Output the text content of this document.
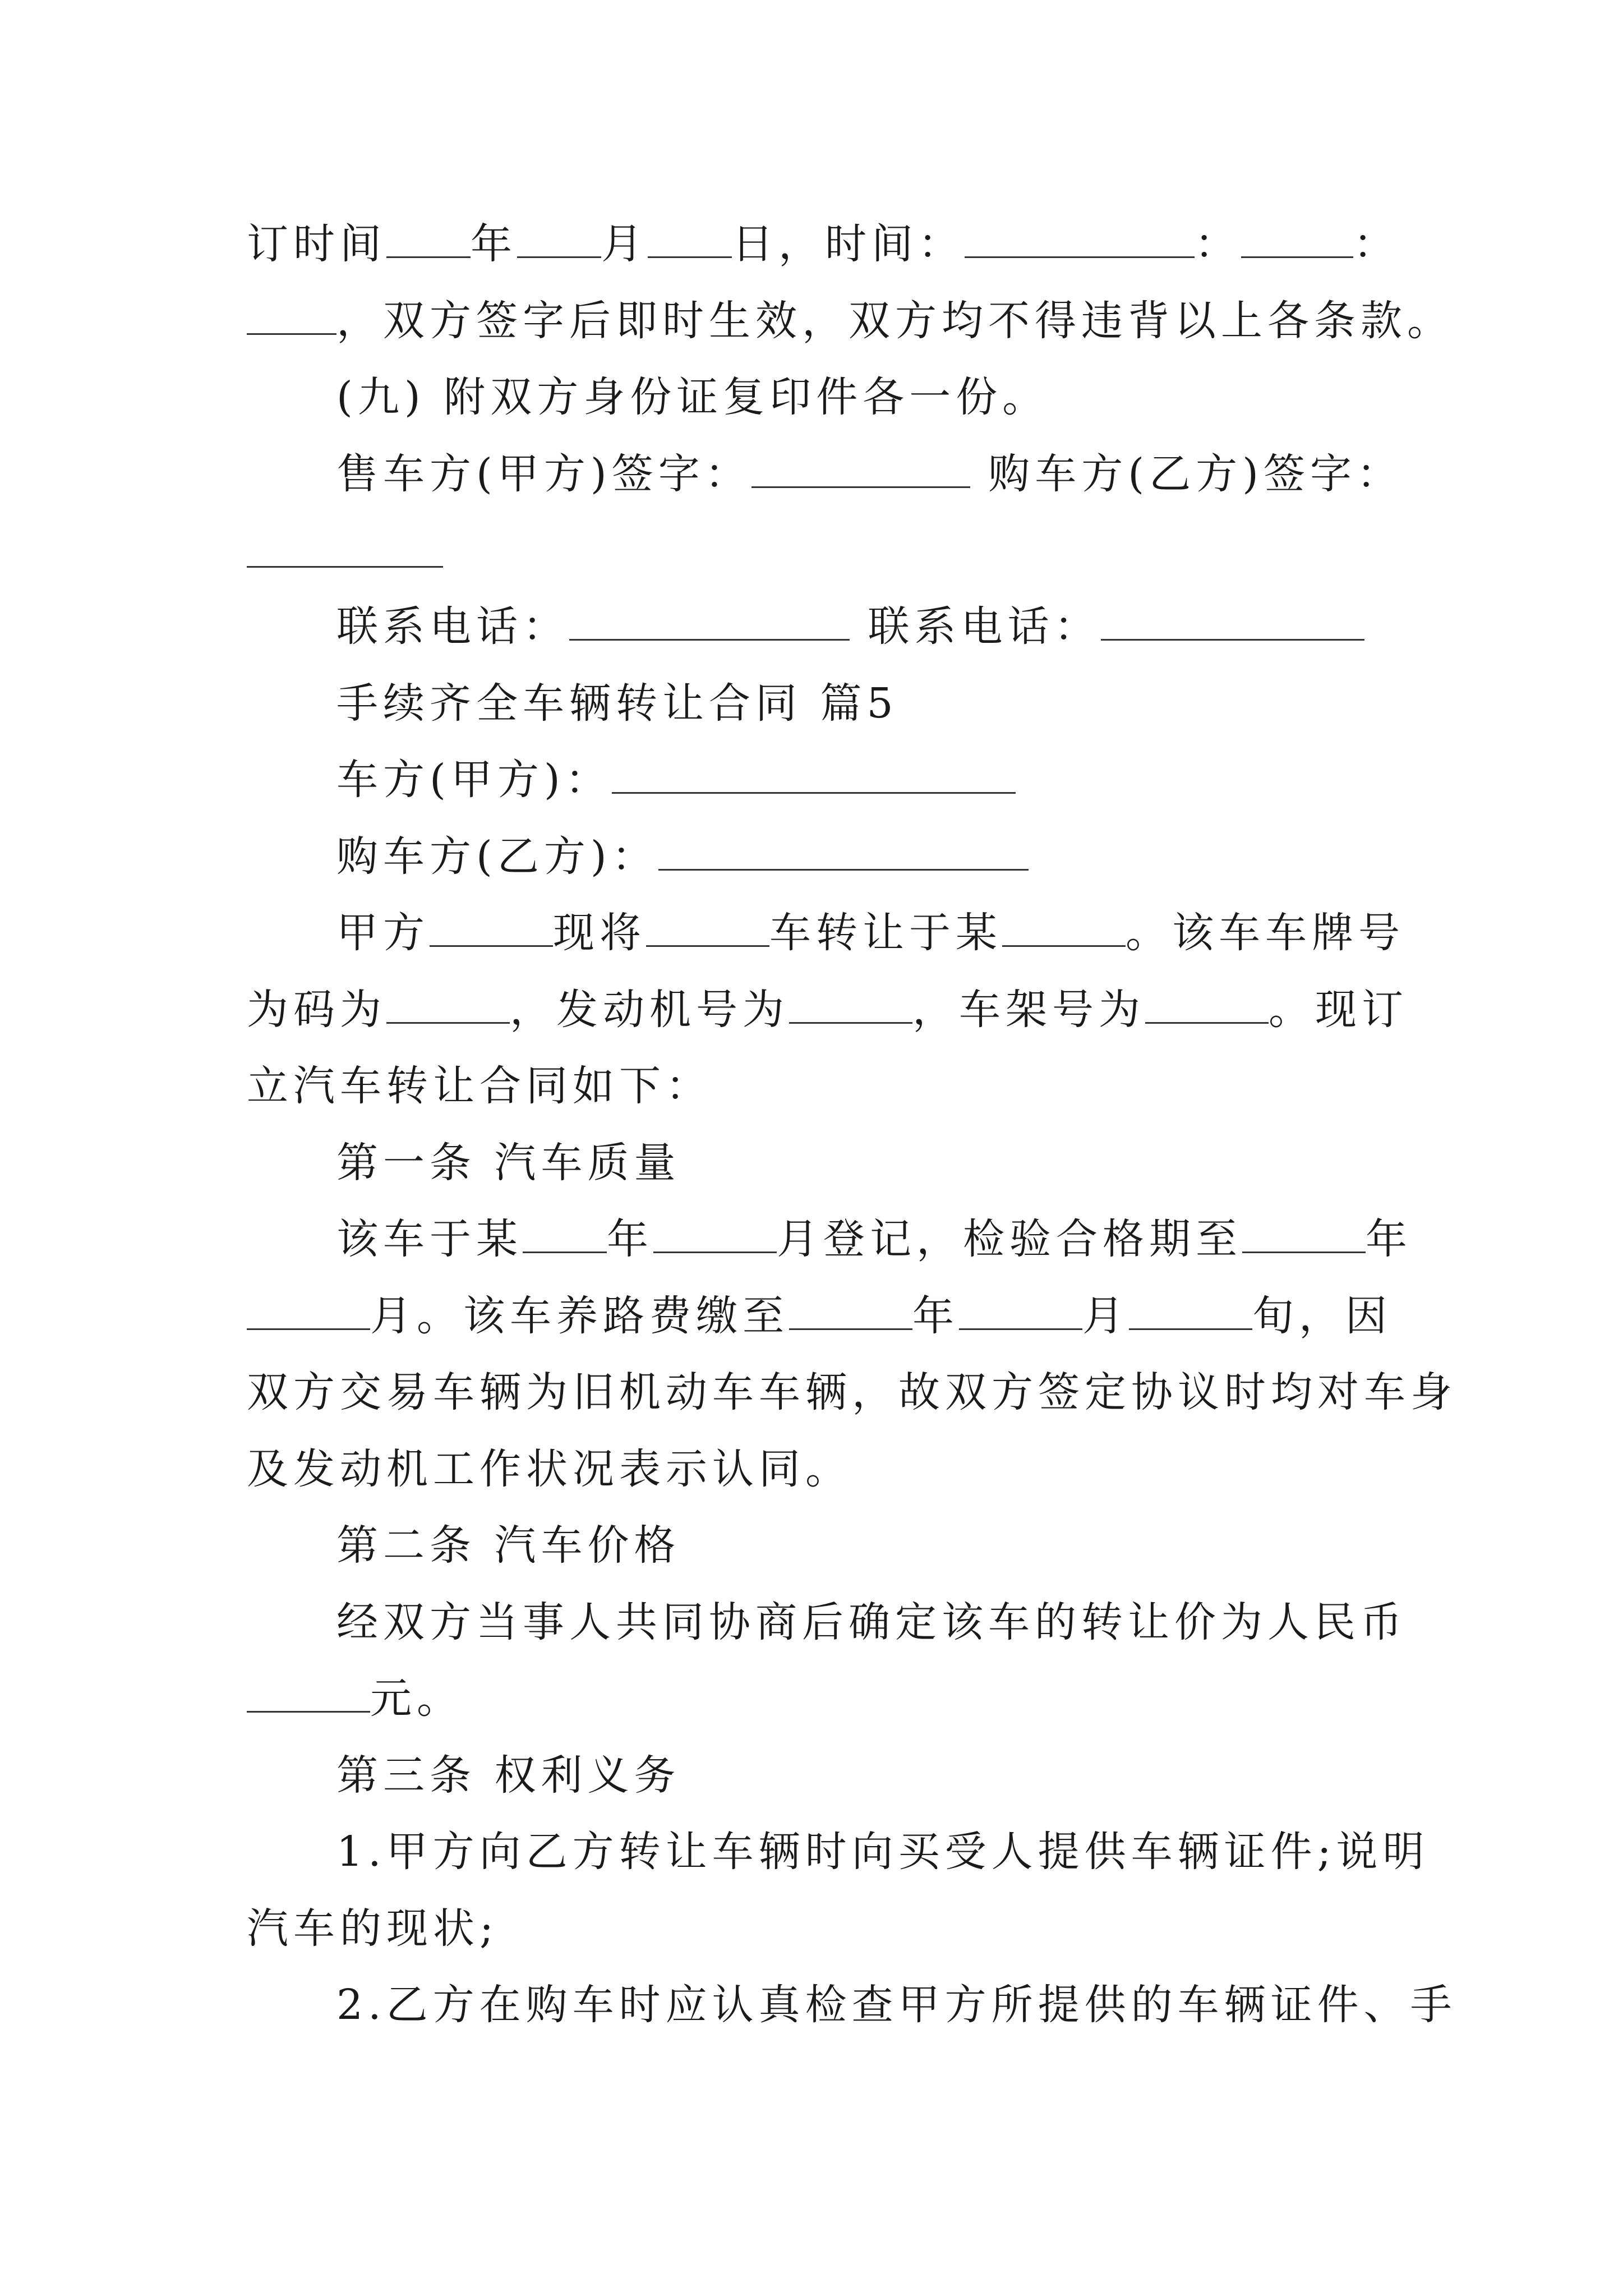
订时间 年 月 日，时间：	：	：
，双方签字后即时生效，双方均不得违背以上各条款。
(九) 附双方身份证复印件各一份。
售车方(甲方)签字：	购车方(乙方)签字：
联系电话：	联系电话：
手续齐全车辆转让合同 篇5
车方(甲方)：
购车方(乙方)：
甲方	现将	车转让于某	。该车车牌号
为码为	，发动机号为	，车架号为	。现订
立汽车转让合同如下：
第一条 汽车质量
该车于某 年	月登记，检验合格期至	年
月。该车养路费缴至	年	月	旬，因
双方交易车辆为旧机动车车辆，故双方签定协议时均对车身
及发动机工作状况表示认同。
第二条 汽车价格
经双方当事人共同协商后确定该车的转让价为人民币
元。
第三条 权利义务
1.甲方向乙方转让车辆时向买受人提供车辆证件;说明
汽车的现状;
2.乙方在购车时应认真检查甲方所提供的车辆证件、手
